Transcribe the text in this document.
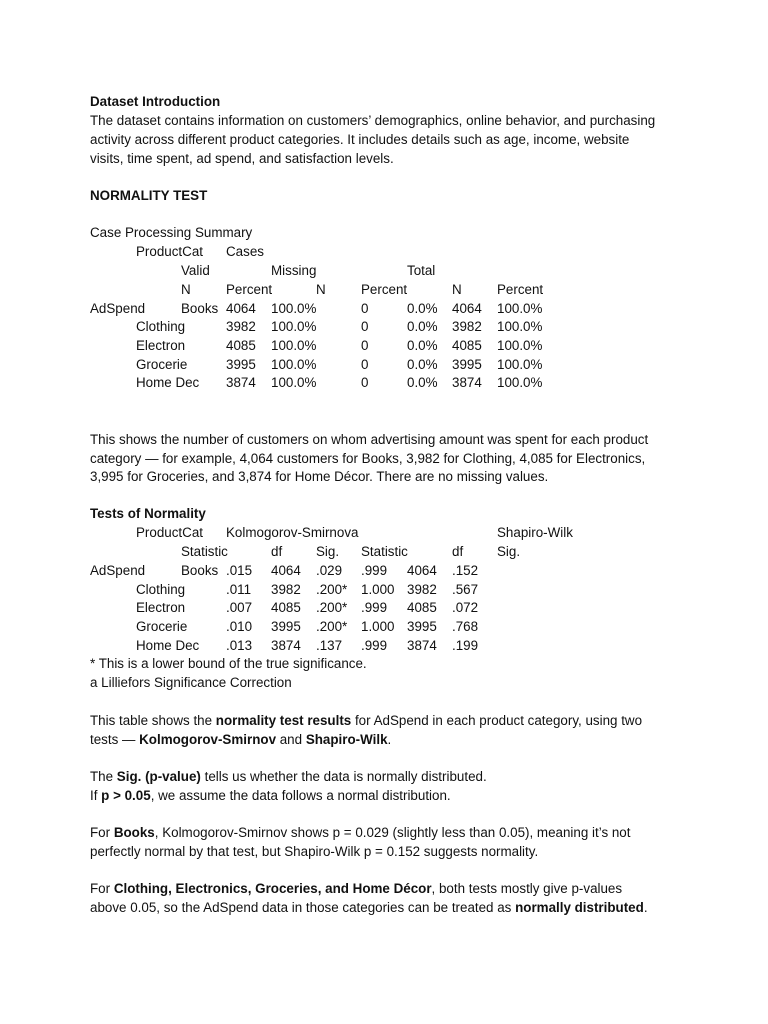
Dataset Introduction
The dataset contains information on customers’ demographics, online behavior, and purchasing
activity across different product categories. It includes details such as age, income, website
visits, time spent, ad spend, and satisfaction levels.
NORMALITY TEST
Case Processing Summary
ProductCat Cases
Valid	Missing	Total
N	Percent	N	Percent	N	Percent
AdSpend	Books 4064 100.0%	0	0.0% 4064 100.0%
Clothing	3982 100.0%	0	0.0% 3982 100.0%
Electron	4085 100.0%	0	0.0% 4085 100.0%
Grocerie	3995 100.0%	0	0.0% 3995 100.0%
Home Dec 3874 100.0%	0	0.0% 3874 100.0%
This shows the number of customers on whom advertising amount was spent for each product
category — for example, 4,064 customers for Books, 3,982 for Clothing, 4,085 for Electronics,
3,995 for Groceries, and 3,874 for Home Décor. There are no missing values.
Tests of Normality
ProductCat Kolmogorov-Smirnova	Shapiro-Wilk
Statistic	df	Sig. Statistic	df	Sig.
AdSpend	Books .015 4064 .029 .999 4064 .152
Clothing	.011 3982 .200* 1.000 3982 .567
Electron	.007 4085 .200* .999 4085 .072
Grocerie	.010 3995 .200* 1.000 3995 .768
Home Dec .013 3874 .137 .999 3874 .199
* This is a lower bound of the true significance.
a Lilliefors Significance Correction
This table shows the normality test results for AdSpend in each product category, using two
tests — Kolmogorov-Smirnov and Shapiro-Wilk.
The Sig. (p-value) tells us whether the data is normally distributed.
If p > 0.05, we assume the data follows a normal distribution.
For Books, Kolmogorov-Smirnov shows p = 0.029 (slightly less than 0.05), meaning it’s not
perfectly normal by that test, but Shapiro-Wilk p = 0.152 suggests normality.
For Clothing, Electronics, Groceries, and Home Décor, both tests mostly give p-values
above 0.05, so the AdSpend data in those categories can be treated as normally distributed.
